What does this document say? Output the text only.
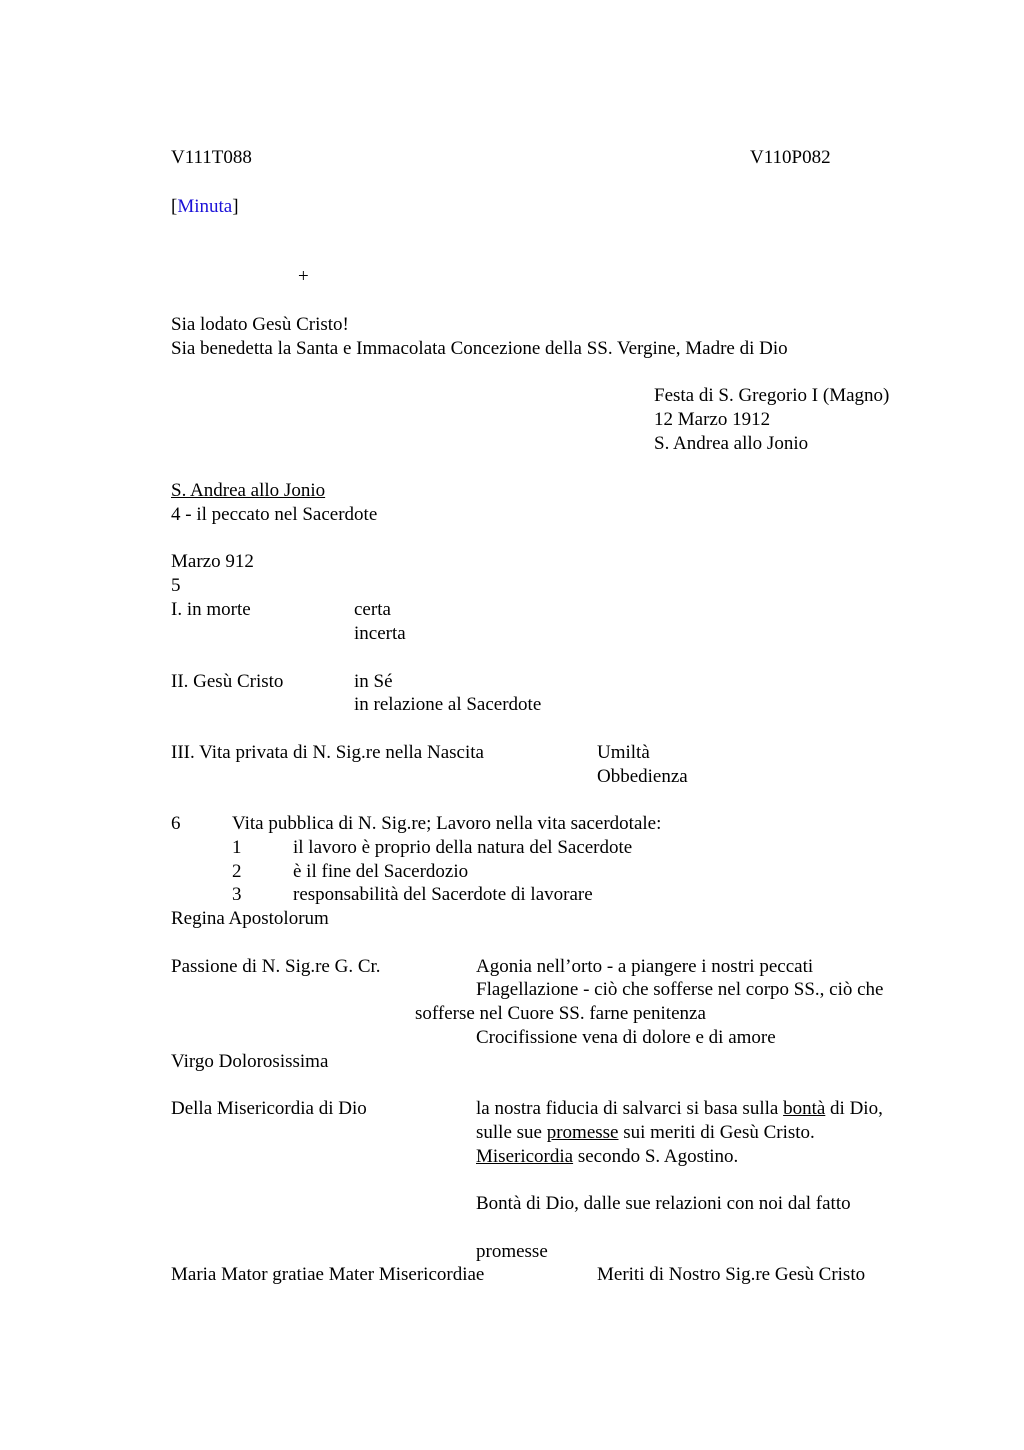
V111T088	V110P082
[Minuta]
+
Sia lodato Gesù Cristo!
Sia benedetta la Santa e Immacolata Concezione della SS. Vergine, Madre di Dio
Festa di S. Gregorio I (Magno)
12 Marzo 1912
S. Andrea allo Jonio
S. Andrea allo Jonio
4 - il peccato nel Sacerdote
Marzo 912
5
I. in morte	certa
incerta
II. Gesù Cristo	in Sé
in relazione al Sacerdote
III. Vita privata di N. Sig.re nella Nascita	Umiltà
Obbedienza
6	Vita pubblica di N. Sig.re; Lavoro nella vita sacerdotale:
1	il lavoro è proprio della natura del Sacerdote
2	è il fine del Sacerdozio
3	responsabilità del Sacerdote di lavorare
Regina Apostolorum
Passione di N. Sig.re G. Cr.	Agonia nell’orto - a piangere i nostri peccati
Flagellazione - ciò che sofferse nel corpo SS., ciò che
sofferse nel Cuore SS. farne penitenza
Crocifissione vena di dolore e di amore
Virgo Dolorosissima
Della Misericordia di Dio	la nostra fiducia di salvarci si basa sulla bontà di Dio,
sulle sue promesse sui meriti di Gesù Cristo.
Misericordia secondo S. Agostino.
Bontà di Dio, dalle sue relazioni con noi dal fatto
promesse
Maria Mator gratiae Mater Misericordiae	Meriti di Nostro Sig.re Gesù Cristo
